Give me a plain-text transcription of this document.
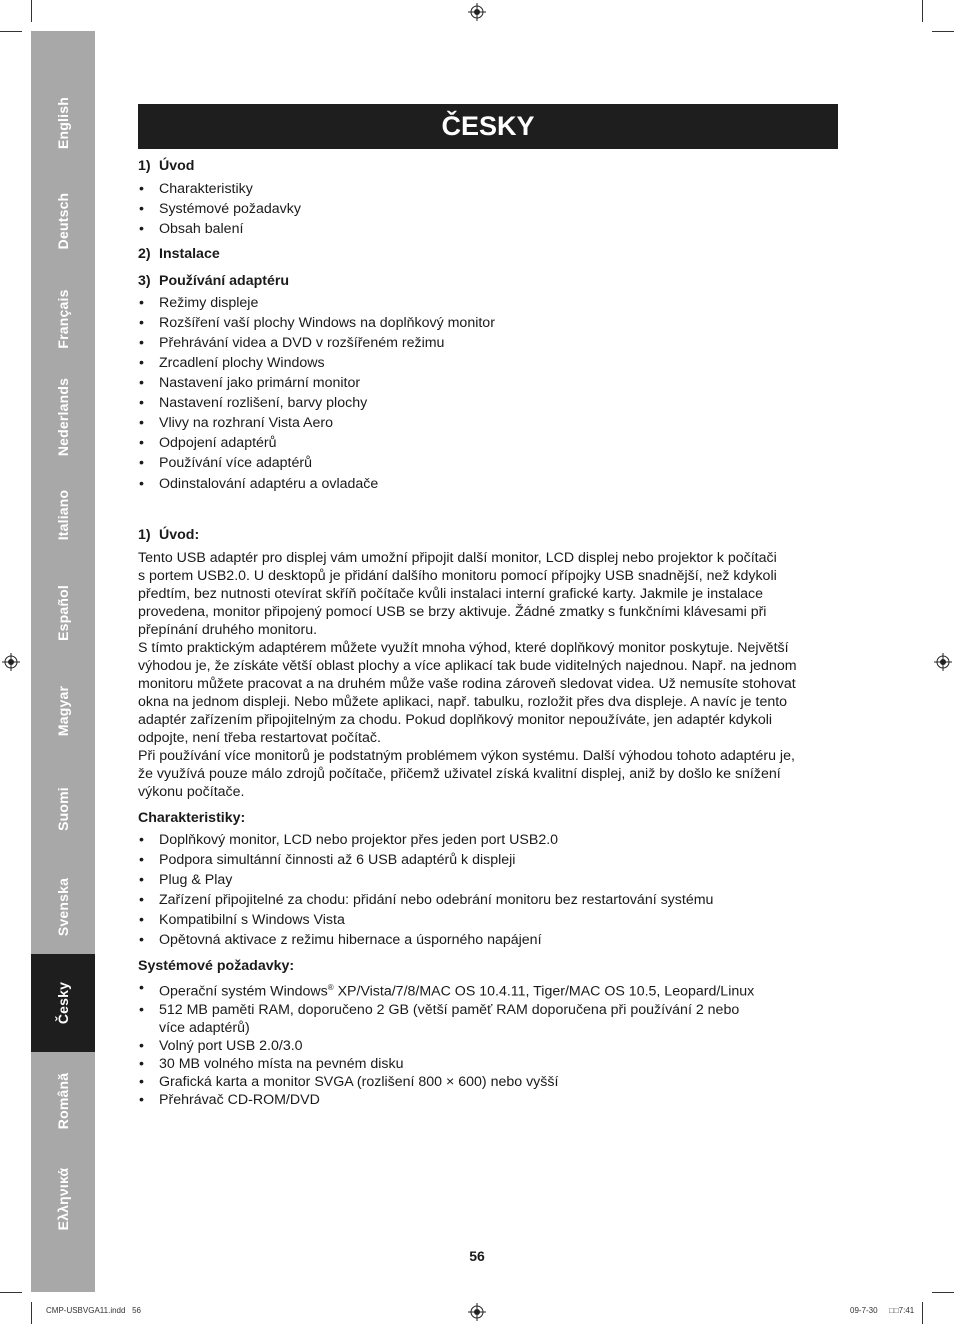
English
Deutsch
Français
Nederlands
Italiano
Español
Magyar
Suomi
Svenska
Česky
Română
Ελληνικά
ČESKY

1) Úvod

• Charakteristiky
• Systémové požadavky
• Obsah balení

2) Instalace

3) Používání adaptéru

• Režimy displeje
• Rozšíření vaší plochy Windows na doplňkový monitor
• Přehrávání videa a DVD v rozšířeném režimu
• Zrcadlení plochy Windows
• Nastavení jako primární monitor
• Nastavení rozlišení, barvy plochy
• Vlivy na rozhraní Vista Aero
• Odpojení adaptérů
• Používání více adaptérů
• Odinstalování adaptéru a ovladače

1) Úvod:

Tento USB adaptér pro displej vám umožní připojit další monitor, LCD displej nebo projektor k počítači
s portem USB2.0. U desktopů je přidání dalšího monitoru pomocí přípojky USB snadnější, než kdykoli
předtím, bez nutnosti otevírat skříň počítače kvůli instalaci interní grafické karty. Jakmile je instalace
provedena, monitor připojený pomocí USB se brzy aktivuje. Žádné zmatky s funkčními klávesami při
přepínání druhého monitoru.
S tímto praktickým adaptérem můžete využít mnoha výhod, které doplňkový monitor poskytuje. Největší
výhodou je, že získáte větší oblast plochy a více aplikací tak bude viditelných najednou. Např. na jednom
monitoru můžete pracovat a na druhém může vaše rodina zároveň sledovat videa. Už nemusíte stohovat
okna na jednom displeji. Nebo můžete aplikaci, např. tabulku, rozložit přes dva displeje. A navíc je tento
adaptér zařízením připojitelným za chodu. Pokud doplňkový monitor nepoužíváte, jen adaptér kdykoli
odpojte, není třeba restartovat počítač.
Při používání více monitorů je podstatným problémem výkon systému. Další výhodou tohoto adaptéru je,
že využívá pouze málo zdrojů počítače, přičemž uživatel získá kvalitní displej, aniž by došlo ke snížení
výkonu počítače.

Charakteristiky:

• Doplňkový monitor, LCD nebo projektor přes jeden port USB2.0
• Podpora simultánní činnosti až 6 USB adaptérů k displeji
• Plug & Play
• Zařízení připojitelné za chodu: přidání nebo odebrání monitoru bez restartování systému
• Kompatibilní s Windows Vista
• Opětovná aktivace z režimu hibernace a úsporného napájení

Systémové požadavky:

• Operační systém Windows® XP/Vista/7/8/MAC OS 10.4.11, Tiger/MAC OS 10.5, Leopard/Linux
• 512 MB paměti RAM, doporučeno 2 GB (větší paměť RAM doporučena při používání 2 nebo
více adaptérů)
• Volný port USB 2.0/3.0
• 30 MB volného místa na pevném disku
• Grafická karta a monitor SVGA (rozlišení 800 × 600) nebo vyšší
• Přehrávač CD-ROM/DVD
56
CMP-USBVGA11.indd   56	09-7-30 □□7:41
